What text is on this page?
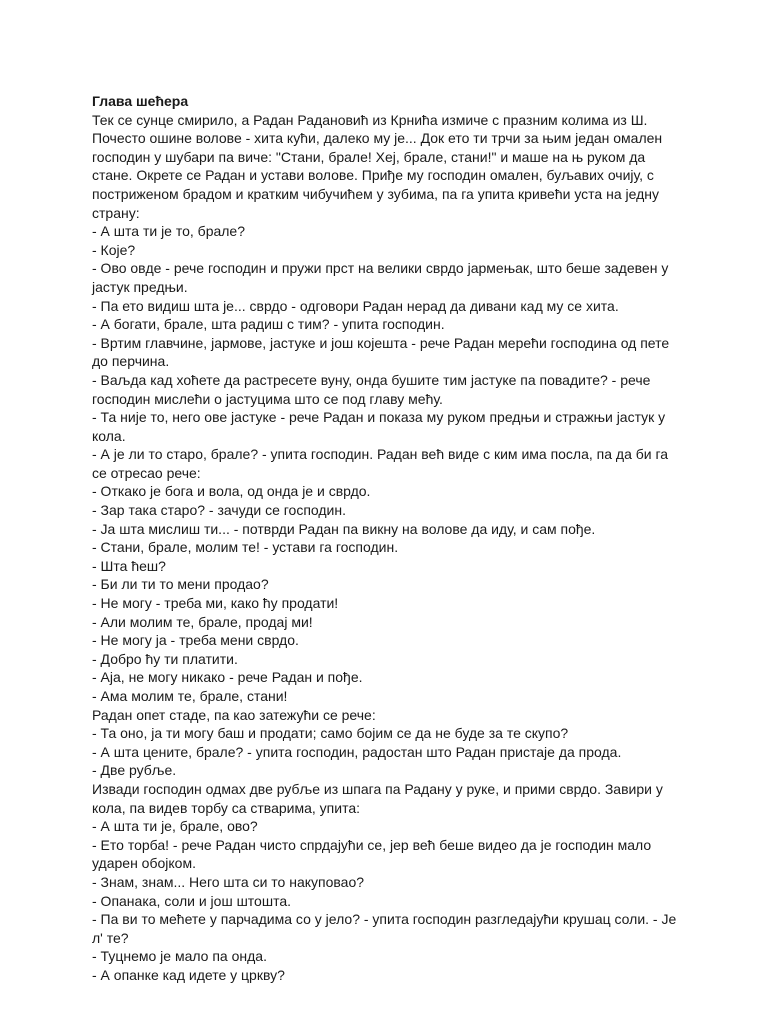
Глава шећера

Тек се сунце смирило, а Радан Радановић из Крнића измиче с празним колима из Ш. Почесто ошине волове - хита кући, далеко му је... Док ето ти трчи за њим један омален господин у шубари па виче: "Стани, брале! Хеј, брале, стани!" и маше на њ руком да стане. Окрете се Радан и устави волове. Приђе му господин омален, буљавих очију, с постриженом брадом и кратким чибучићем у зубима, па га упита кривећи уста на једну страну:

- А шта ти је то, брале?

- Које?

- Ово овде - рече господин и пружи прст на велики сврдо јармењак, што беше задевен у јастук предњи.

- Па ето видиш шта је... сврдо - одговори Радан нерад да дивани кад му се хита.

- А богати, брале, шта радиш с тим? - упита господин.

- Вртим главчине, јармове, јастуке и још којешта - рече Радан мерећи господина од пете до перчина.

- Ваљда кад хоћете да растресете вуну, онда бушите тим јастуке па повадите? - рече господин мислећи о јастуцима што се под главу мећу.

- Та није то, него ове јастуке - рече Радан и показа му руком предњи и стражњи јастук у кола.

- А је ли то старо, брале? - упита господин. Радан већ виде с ким има посла, па да би га се отресао рече:

- Откако је бога и вола, од онда је и сврдо.

- Зар така старо? - зачуди се господин.

- Ја шта мислиш ти... - потврди Радан па викну на волове да иду, и сам пође.

- Стани, брале, молим те! - устави га господин.

- Шта ћеш?

- Би ли ти то мени продао?

- Не могу - треба ми, како ћу продати!

- Али молим те, брале, продај ми!

- Не могу ја - треба мени сврдо.

- Добро ћу ти платити.

- Аја, не могу никако - рече Радан и пође.

- Ама молим те, брале, стани!

Радан опет стаде, па као затежући се рече:

- Та оно, ја ти могу баш и продати; само бојим се да не буде за те скупо?

- А шта цените, брале? - упита господин, радостан што Радан пристаје да прода.

- Две рубље.

Извади господин одмах две рубље из шпага па Радану у руке, и прими сврдо. Завири у кола, па видев торбу са стварима, упита:

- А шта ти је, брале, ово?

- Ето торба! - рече Радан чисто спрдајући се, јер већ беше видео да је господин мало ударен обојком.

- Знам, знам... Него шта си то накуповао?

- Опанака, соли и још штошта.

- Па ви то мећете у парчадима со у јело? - упита господин разгледајући крушац соли. - Је л' те?

- Туцнемо је мало па онда.

- А опанке кад идете у цркву?
